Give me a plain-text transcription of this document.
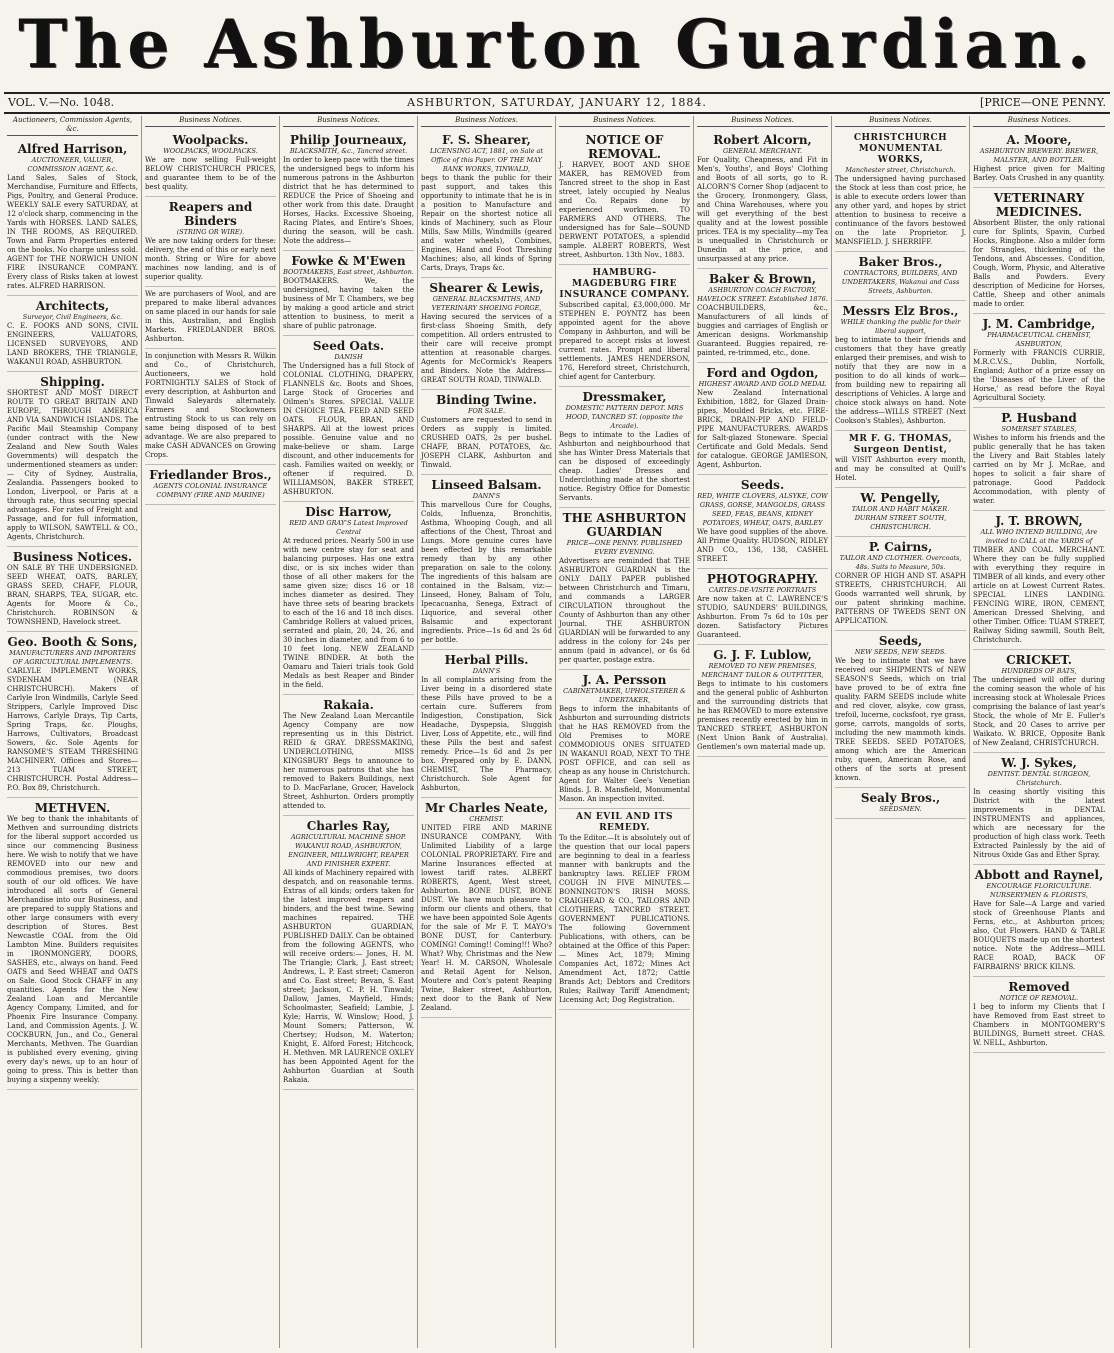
The Ashburton Guardian.
VOL. V.—No. 1048.	ASHBURTON, SATURDAY, JANUARY 12, 1884.	[PRICE—ONE PENNY.
Auctioneers, Commission Agents, &c.
Alfred Harrison,
AUCTIONEER, VALUER, COMMISSION AGENT, &c.
Land Sales, Sales of Stock, Merchandise, Furniture and Effects, Pigs, Poultry, and General Produce. WEEKLY SALE every SATURDAY, at 12 o'clock sharp, commencing in the Yards with HORSES. LAND SALES, IN THE ROOMS, AS REQUIRED. Town and Farm Properties entered on the books. No charge unless sold. AGENT for THE NORWICH UNION FIRE INSURANCE COMPANY. Every class of Risks taken at lowest rates. ALFRED HARRISON.
Architects,
Surveyor, Civil Engineers, &c.
C. E. FOOKS AND SONS, CIVIL ENGINEERS, VALUATORS, LICENSED SURVEYORS, AND LAND BROKERS, THE TRIANGLE, WAKANUI ROAD, ASHBURTON.
Shipping.
SHORTEST AND MOST DIRECT ROUTE TO GREAT BRITAIN AND EUROPE, THROUGH AMERICA AND VIA SANDWICH ISLANDS. The Pacific Mail Steamship Company (under contract with the New Zealand and New South Wales Governments) will despatch the undermentioned steamers as under:— City of Sydney, Australia, Zealandia. Passengers booked to London, Liverpool, or Paris at a through rate, thus securing special advantages. For rates of Freight and Passage, and for full information, apply to WILSON, SAWTELL & CO., Agents, Christchurch.
Business Notices.
ON SALE BY THE UNDERSIGNED. SEED WHEAT, OATS, BARLEY, GRASS SEED, CHAFF, FLOUR, BRAN, SHARPS, TEA, SUGAR, etc. Agents for Moore & Co., Christchurch. ROBINSON & TOWNSHEND, Havelock street.
Geo. Booth & Sons,
MANUFACTURERS AND IMPORTERS OF AGRICULTURAL IMPLEMENTS.
CARLYLE IMPLEMENT WORKS, SYDENHAM (NEAR CHRISTCHURCH). Makers of Carlyle Iron Windmills, Carlyle Seed Strippers, Carlyle Improved Disc Harrows, Carlyle Drays, Tip Carts, Spring Traps, &c. Ploughs, Harrows, Cultivators, Broadcast Sowers, &c. Sole Agents for RANSOME'S STEAM THRESHING MACHINERY. Offices and Stores—213 TUAM STREET, CHRISTCHURCH. Postal Address—P.O. Box 89, Christchurch.
METHVEN.
We beg to thank the inhabitants of Methven and surrounding districts for the liberal support accorded us since our commencing Business here. We wish to notify that we have REMOVED into our new and commodious premises, two doors south of our old offices. We have introduced all sorts of General Merchandise into our Business, and are prepared to supply Stations and other large consumers with every description of Stores. Best Newcastle COAL from the Old Lambton Mine. Builders requisites in IRONMONGERY, DOORS, SASHES, etc., always on hand. Feed OATS and Seed WHEAT and OATS on Sale. Good Stock CHAFF in any quantities. Agents for the New Zealand Loan and Mercantile Agency Company, Limited, and for Phoenix Fire Insurance Company. Land, and Commission Agents. J. W. COCKBURN, Jun., and Co., General Merchants, Methven. The Guardian is published every evening, giving every day's news, up to an hour of going to press. This is better than buying a sixpenny weekly.
Business Notices.
Woolpacks.
WOOLPACKS, WOOLPACKS.
We are now selling Full-weight BELOW CHRISTCHURCH PRICES, and guarantee them to be of the best quality.
Reapers and Binders
(STRING OR WIRE).
We are now taking orders for these: delivery, the end of this or early next month. String or Wire for above machines now landing, and is of superior quality.
We are purchasers of Wool, and are prepared to make liberal advances on same placed in our hands for sale in this, Australian, and English Markets. FRIEDLANDER BROS. Ashburton.
In conjunction with Messrs R. Wilkin and Co., of Christchurch, Auctioneers, we hold FORTNIGHTLY SALES of Stock of every description, at Ashburton and Tinwald Saleyards alternately. Farmers and Stockowners entrusting Stock to us can rely on same being disposed of to best advantage. We are also prepared to make CASH ADVANCES on Growing Crops.
Friedlander Bros.,
AGENTS COLONIAL INSURANCE COMPANY (FIRE AND MARINE)
Business Notices.
Philip Journeaux,
BLACKSMITH, &c., Tancred street.
In order to keep pace with the times the undersigned begs to inform his numerous patrons in the Ashburton district that he has determined to REDUCE the Price of Shoeing and other work from this date. Draught Horses, Hacks. Excessive Shoeing, Racing Plates, and Entire's Shoes, during the season, will be cash. Note the address—
Fowke & M'Ewen
BOOTMAKERS, East street, Ashburton.
BOOTMAKERS. We, the undersigned, having taken the business of Mr T. Chambers, we beg by making a good article and strict attention to business, to merit a share of public patronage.
Seed Oats.
DANISH
The Undersigned has a full Stock of COLONIAL CLOTHING, DRAPERY, FLANNELS &c. Boots and Shoes, Large Stock of Groceries and Oilmen's Stores. SPECIAL VALUE IN CHOICE TEA. FEED AND SEED OATS. FLOUR, BRAN, AND SHARPS. All at the lowest prices possible. Genuine value and no make-believe or sham. Large discount, and other inducements for cash. Families waited on weekly, or oftener if required. D. WILLIAMSON, BAKER STREET, ASHBURTON.
Disc Harrow,
REID AND GRAY'S Latest Improved Central
At reduced prices. Nearly 500 in use with new centre stay for seat and balancing purposes. Has one extra disc, or is six inches wider than those of all other makers for the same given size; discs 16 or 18 inches diameter as desired. They have three sets of bearing brackets to each of the 16 and 18 inch discs. Cambridge Rollers at valued prices, serrated and plain, 20, 24, 26, and 30 inches in diameter, and from 6 to 10 feet long. NEW ZEALAND TWINE BINDER. At both the Oamaru and Taieri trials took Gold Medals as best Reaper and Binder in the field.
Rakaia.
The New Zealand Loan Mercantile Agency Company are now representing us in this District. REID & GRAY. DRESSMAKING, UNDERCLOTHING, MISS KINGSBURY Begs to announce to her numerous patrons that she has removed to Bakers Buildings, next to D. MacFarlane, Grocer, Havelock Street, Ashburton. Orders promptly attended to.
Charles Ray,
AGRICULTURAL MACHINE SHOP. WAKANUI ROAD, ASHBURTON, ENGINEER, MILLWRIGHT, REAPER AND FINISHER EXPERT.
All kinds of Machinery repaired with despatch, and on reasonable terms. Extras of all kinds; orders taken for the latest improved reapers and binders, and the best twine. Sewing machines repaired. THE ASHBURTON GUARDIAN, PUBLISHED DAILY. Can be obtained from the following AGENTS, who will receive orders:— Jones, H. M. The Triangle; Clark, J. East street; Andrews, L. P. East street; Cameron and Co. East street; Bevan, S. East street; Jackson, C. P. H. Tinwald; Dallow, James, Mayfield, Hinds; Schoolmaster, Seafield; Lambie, J. Kyle; Harris, W. Winslow; Hood, J. Mount Somers; Patterson, W. Chertsey; Hudson, M. Waterton; Knight, E. Alford Forest; Hitchcock, H. Methven. MR LAURENCE OXLEY has been Appointed Agent for the Ashburton Guardian at South Rakaia.
Business Notices.
F. S. Shearer,
LICENSING ACT, 1881, on Sale at Office of this Paper. OF THE MAY BANK WORKS, TINWALD,
begs to thank the public for their past support, and takes this opportunity to intimate that he is in a position to Manufacture and Repair on the shortest notice all kinds of Machinery, such as Flour Mills, Saw Mills, Windmills (geared and water wheels), Combines, Engines, Hand and Foot Threshing Machines; also, all kinds of Spring Carts, Drays, Traps &c.
Shearer & Lewis,
GENERAL BLACKSMITHS, AND VETERINARY SHOEING FORGE,
Having secured the services of a first-class Shoeing Smith, defy competition. All orders entrusted to their care will receive prompt attention at reasonable charges. Agents for McCormick's Reapers and Binders. Note the Address—GREAT SOUTH ROAD, TINWALD.
Binding Twine.
FOR SALE.
Customers are requested to send in Orders as supply is limited. CRUSHED OATS, 2s per bushel. CHAFF, BRAN, POTATOES, &c. JOSEPH CLARK, Ashburton and Tinwald.
Linseed Balsam.
DANN'S
This marvellous Cure for Coughs, Colds, Influenza, Bronchitis, Asthma, Whooping Cough, and all affections of the Chest, Throat and Lungs. More genuine cures have been effected by this remarkable remedy than by any other preparation on sale to the colony. The ingredients of this balsam are contained in the Balsam, viz:—Linseed, Honey, Balsam of Tolu, Ipecacuanha, Senega, Extract of Liquorice, and several other Balsamic and expectorant ingredients. Price—1s 6d and 2s 6d per bottle.
Herbal Pills.
DANN'S
In all complaints arising from the Liver being in a disordered state these Pills have proved to be a certain cure. Sufferers from Indigestion, Constipation, Sick Headache, Dyspepsia, Sluggish Liver, Loss of Appetite, etc., will find these Pills the best and safest remedy. Price—1s 6d and 2s per box. Prepared only by E. DANN, CHEMIST, The Pharmacy, Christchurch. Sole Agent for Ashburton,
Mr Charles Neate,
CHEMIST.
UNITED FIRE AND MARINE INSURANCE COMPANY, With Unlimited Liability of a large COLONIAL PROPRIETARY. Fire and Marine Insurances effected at lowest tariff rates. ALBERT ROBERTS, Agent, West street, Ashburton. BONE DUST, BONE DUST. We have much pleasure to inform our clients and others, that we have been appointed Sole Agents for the sale of Mr F. T. MAYO's BONE DUST, for Canterbury. COMING! Coming!! Coming!!! Who? What? Why, Christmas and the New Year! H. M. CARSON, Wholesale and Retail Agent for Nelson, Moutere and Cox's patent Reaping Twine, Baker street, Ashburton, next door to the Bank of New Zealand.
Business Notices.
NOTICE OF REMOVAL.
J. HARVEY, BOOT AND SHOE MAKER, has REMOVED from Tancred street to the shop in East street, lately occupied by Nealus and Co. Repairs done by experienced workmen. TO FARMERS AND OTHERS. The undersigned has for Sale—SOUND DERWENT POTATOES, a splendid sample. ALBERT ROBERTS, West street, Ashburton. 13th Nov., 1883.
HAMBURG-MAGDEBURG FIRE INSURANCE COMPANY.
Subscribed capital, £3,000,000. Mr STEPHEN E. POYNTZ has been appointed agent for the above Company in Ashburton, and will be prepared to accept risks at lowest current rates. Prompt and liberal settlements. JAMES HENDERSON, 176, Hereford street, Christchurch, chief agent for Canterbury.
Dressmaker,
DOMESTIC PATTERN DEPOT. MRS HOOD, TANCRED ST. (opposite the Arcade).
Begs to intimate to the Ladies of Ashburton and neighbourhood that she has Winter Dress Materials that can be disposed of exceedingly cheap. Ladies' Dresses and Underclothing made at the shortest notice. Registry Office for Domestic Servants.
THE ASHBURTON GUARDIAN
PRICE—ONE PENNY. PUBLISHED EVERY EVENING.
Advertisers are reminded that THE ASHBURTON GUARDIAN is the ONLY DAILY PAPER published between Christchurch and Timaru, and commands a LARGER CIRCULATION throughout the County of Ashburton than any other Journal. THE ASHBURTON GUARDIAN will be forwarded to any address in the colony for 24s per annum (paid in advance), or 6s 6d per quarter, postage extra.
J. A. Persson
CABINETMAKER, UPHOLSTERER & UNDERTAKER,
Begs to inform the inhabitants of Ashburton and surrounding districts that he HAS REMOVED from the Old Premises to MORE COMMODIOUS ONES SITUATED IN WAKANUI ROAD, NEXT TO THE POST OFFICE, and can sell as cheap as any house in Christchurch. Agent for Walter Gee's Venetian Blinds. J. B. Mansfield, Monumental Mason. An inspection invited.
AN EVIL AND ITS REMEDY.
To the Editor.—It is absolutely out of the question that our local papers are beginning to deal in a fearless manner with bankrupts and the bankruptcy laws. RELIEF FROM COUGH IN FIVE MINUTES.—BONNINGTON'S IRISH MOSS. CRAIGHEAD & CO., TAILORS AND CLOTHIERS, TANCRED STREET. GOVERNMENT PUBLICATIONS. The following Government Publications, with others, can be obtained at the Office of this Paper:— Mines Act, 1879; Mining Companies Act, 1872; Mines Act Amendment Act, 1872; Cattle Brands Act; Debtors and Creditors Rules; Railway Tariff Amendment; Licensing Act; Dog Registration.
Business Notices.
Robert Alcorn,
GENERAL MERCHANT.
For Quality, Cheapness, and Fit in Men's, Youths', and Boys' Clothing and Boots of all sorts, go to R. ALCORN'S Corner Shop (adjacent to the Grocery, Ironmongery, Glass, and China Warehouses, where you will get everything of the best quality and at the lowest possible prices. TEA is my speciality—my Tea is unequalled in Christchurch or Dunedin at the price, and unsurpassed at any price.
Baker & Brown,
ASHBURTON COACH FACTORY, HAVELOCK STREET. Established 1876.
COACHBUILDERS, &c., Manufacturers of all kinds of buggies and carriages of English or American designs. Workmanship Guaranteed. Buggies repaired, re-painted, re-trimmed, etc., done.
Ford and Ogdon,
HIGHEST AWARD AND GOLD MEDAL
New Zealand International Exhibition, 1882, for Glazed Drain-pipes, Moulded Bricks, etc. FIRE-BRICK, DRAIN-PIP AND FIELD-PIPE MANUFACTURERS. AWARDS for Salt-glazed Stoneware. Special Certificate and Gold Medals. Send for catalogue. GEORGE JAMIESON, Agent, Ashburton.
Seeds.
RED, WHITE CLOVERS, ALSYKE, COW GRASS, GORSE, MANGOLDS, GRASS SEED, FEAS, BEANS, KIDNEY POTATOES, WHEAT, OATS, BARLEY
We have good supplies of the above. All Prime Quality. HUDSON, RIDLEY AND CO., 136, 138, CASHEL STREET.
PHOTOGRAPHY.
CARTES-DE-VISITE PORTRAITS
Are now taken at C. LAWRENCE'S STUDIO, SAUNDERS' BUILDINGS, Ashburton. From 7s 6d to 10s per dozen. Satisfactory Pictures Guaranteed.
G. J. F. Lublow,
REMOVED TO NEW PREMISES, MERCHANT TAILOR & OUTFITTER,
Begs to intimate to his customers and the general public of Ashburton and the surrounding districts that he has REMOVED to more extensive premises recently erected by him in TANCRED STREET, ASHBURTON (Next Union Bank of Australia). Gentlemen's own material made up.
Business Notices.
CHRISTCHURCH MONUMENTAL WORKS,
Manchester street, Christchurch.
The undersigned having purchased the Stock at less than cost price, he is able to execute orders lower than any other yard, and hopes by strict attention to business to receive a continuance of the favors bestowed on the late Proprietor. J. MANSFIELD. J. SHERRIFF.
Baker Bros.,
CONTRACTORS, BUILDERS, AND UNDERTAKERS, Wakanui and Cass Streets, Ashburton.
Messrs Elz Bros.,
WHILE thanking the public for their liberal support,
beg to intimate to their friends and customers that they have greatly enlarged their premises, and wish to notify that they are now in a position to do all kinds of work—from building new to repairing all descriptions of Vehicles. A large and choice stock always on hand. Note the address—WILLS STREET (Next Cookson's Stables), Ashburton.
MR F. G. THOMAS, Surgeon Dentist,
will VISIT Ashburton every month, and may be consulted at Quill's Hotel.
W. Pengelly,
TAILOR AND HABIT MAKER. DURHAM STREET SOUTH, CHRISTCHURCH.
P. Cairns,
TAILOR AND CLOTHIER. Overcoats, 48s. Suits to Measure, 50s.
CORNER OF HIGH AND ST. ASAPH STREETS, CHRISTCHURCH. All Goods warranted well shrunk, by our patent shrinking machine. PATTERNS OF TWEEDS SENT ON APPLICATION.
Seeds,
NEW SEEDS, NEW SEEDS.
We beg to intimate that we have received our SHIPMENTS of NEW SEASON'S Seeds, which on trial have proved to be of extra fine quality. FARM SEEDS include white and red clover, alsyke, cow grass, trefoil, lucerne, cocksfoot, rye grass, gorse, carrots, mangolds of sorts, including the new mammoth kinds. TREE SEEDS. SEED POTATOES, among which are the American ruby, queen, American Rose, and others of the sorts at present known.
Sealy Bros.,
SEEDSMEN.
Business Notices.
A. Moore,
ASHBURTON BREWERY. BREWER, MALSTER, AND BOTTLER.
Highest price given for Malting Barley. Oats Crushed in any quantity.
VETERINARY MEDICINES.
Absorbent Blister, the only rational cure for Splints, Spavin, Curbed Hocks, Ringbone. Also a milder form for Strangles, thickening of the Tendons, and Abscesses. Condition, Cough, Worm, Physic, and Alterative Balls and Powders. Every description of Medicine for Horses, Cattle, Sheep and other animals made to order.
J. M. Cambridge,
PHARMACEUTICAL CHEMIST, ASHBURTON,
Formerly with FRANCIS CURRIE, M.R.C.V.S., Dublin, Norfolk, England; Author of a prize essay on the 'Diseases of the Liver of the Horse,' as read before the Royal Agricultural Society.
P. Husband
SOMERSET STABLES,
Wishes to inform his friends and the public generally that he has taken the Livery and Bait Stables lately carried on by Mr J. McRae, and hopes to solicit a fair share of patronage. Good Paddock Accommodation, with plenty of water.
J. T. BROWN,
ALL WHO INTEND BUILDING, Are invited to CALL at the YARDS of
TIMBER AND COAL MERCHANT. Where they can be fully supplied with everything they require in TIMBER of all kinds, and every other article on at Lowest Current Rates. SPECIAL LINES LANDING. FENCING WIRE, IRON, CEMENT, American Dressed Shelving, and other Timber. Office: TUAM STREET, Railway Siding sawmill, South Belt, Christchurch.
CRICKET.
HUNDREDS OF BATS,
The undersigned will offer during the coming season the whole of his increasing stock at Wholesale Prices comprising the balance of last year's Stock, the whole of Mr E. Fuller's Stock, and 20 Cases to arrive per Waikato. W. BRICE, Opposite Bank of New Zealand, CHRISTCHURCH.
W. J. Sykes,
DENTIST. DENTAL SURGEON, Christchurch.
In ceasing shortly visiting this District with the latest improvements in DENTAL INSTRUMENTS and appliances, which are necessary for the production of high class work. Teeth Extracted Painlessly by the aid of Nitrous Oxide Gas and Ether Spray.
Abbott and Raynel,
ENCOURAGE FLORICULTURE. NURSERYMEN & FLORISTS,
Have for Sale—A Large and varied stock of Greenhouse Plants and Ferns, etc., at Ashburton prices; also, Cut Flowers. HAND & TABLE BOUQUETS made up on the shortest notice. Note the Address—MILL RACE ROAD, BACK OF FAIRBAIRNS' BRICK KILNS.
Removed
NOTICE OF REMOVAL.
I beg to inform my Clients that I have Removed from East street to Chambers in MONTGOMERY'S BUILDINGS, Burnett street. CHAS. W. NELL, Ashburton.
